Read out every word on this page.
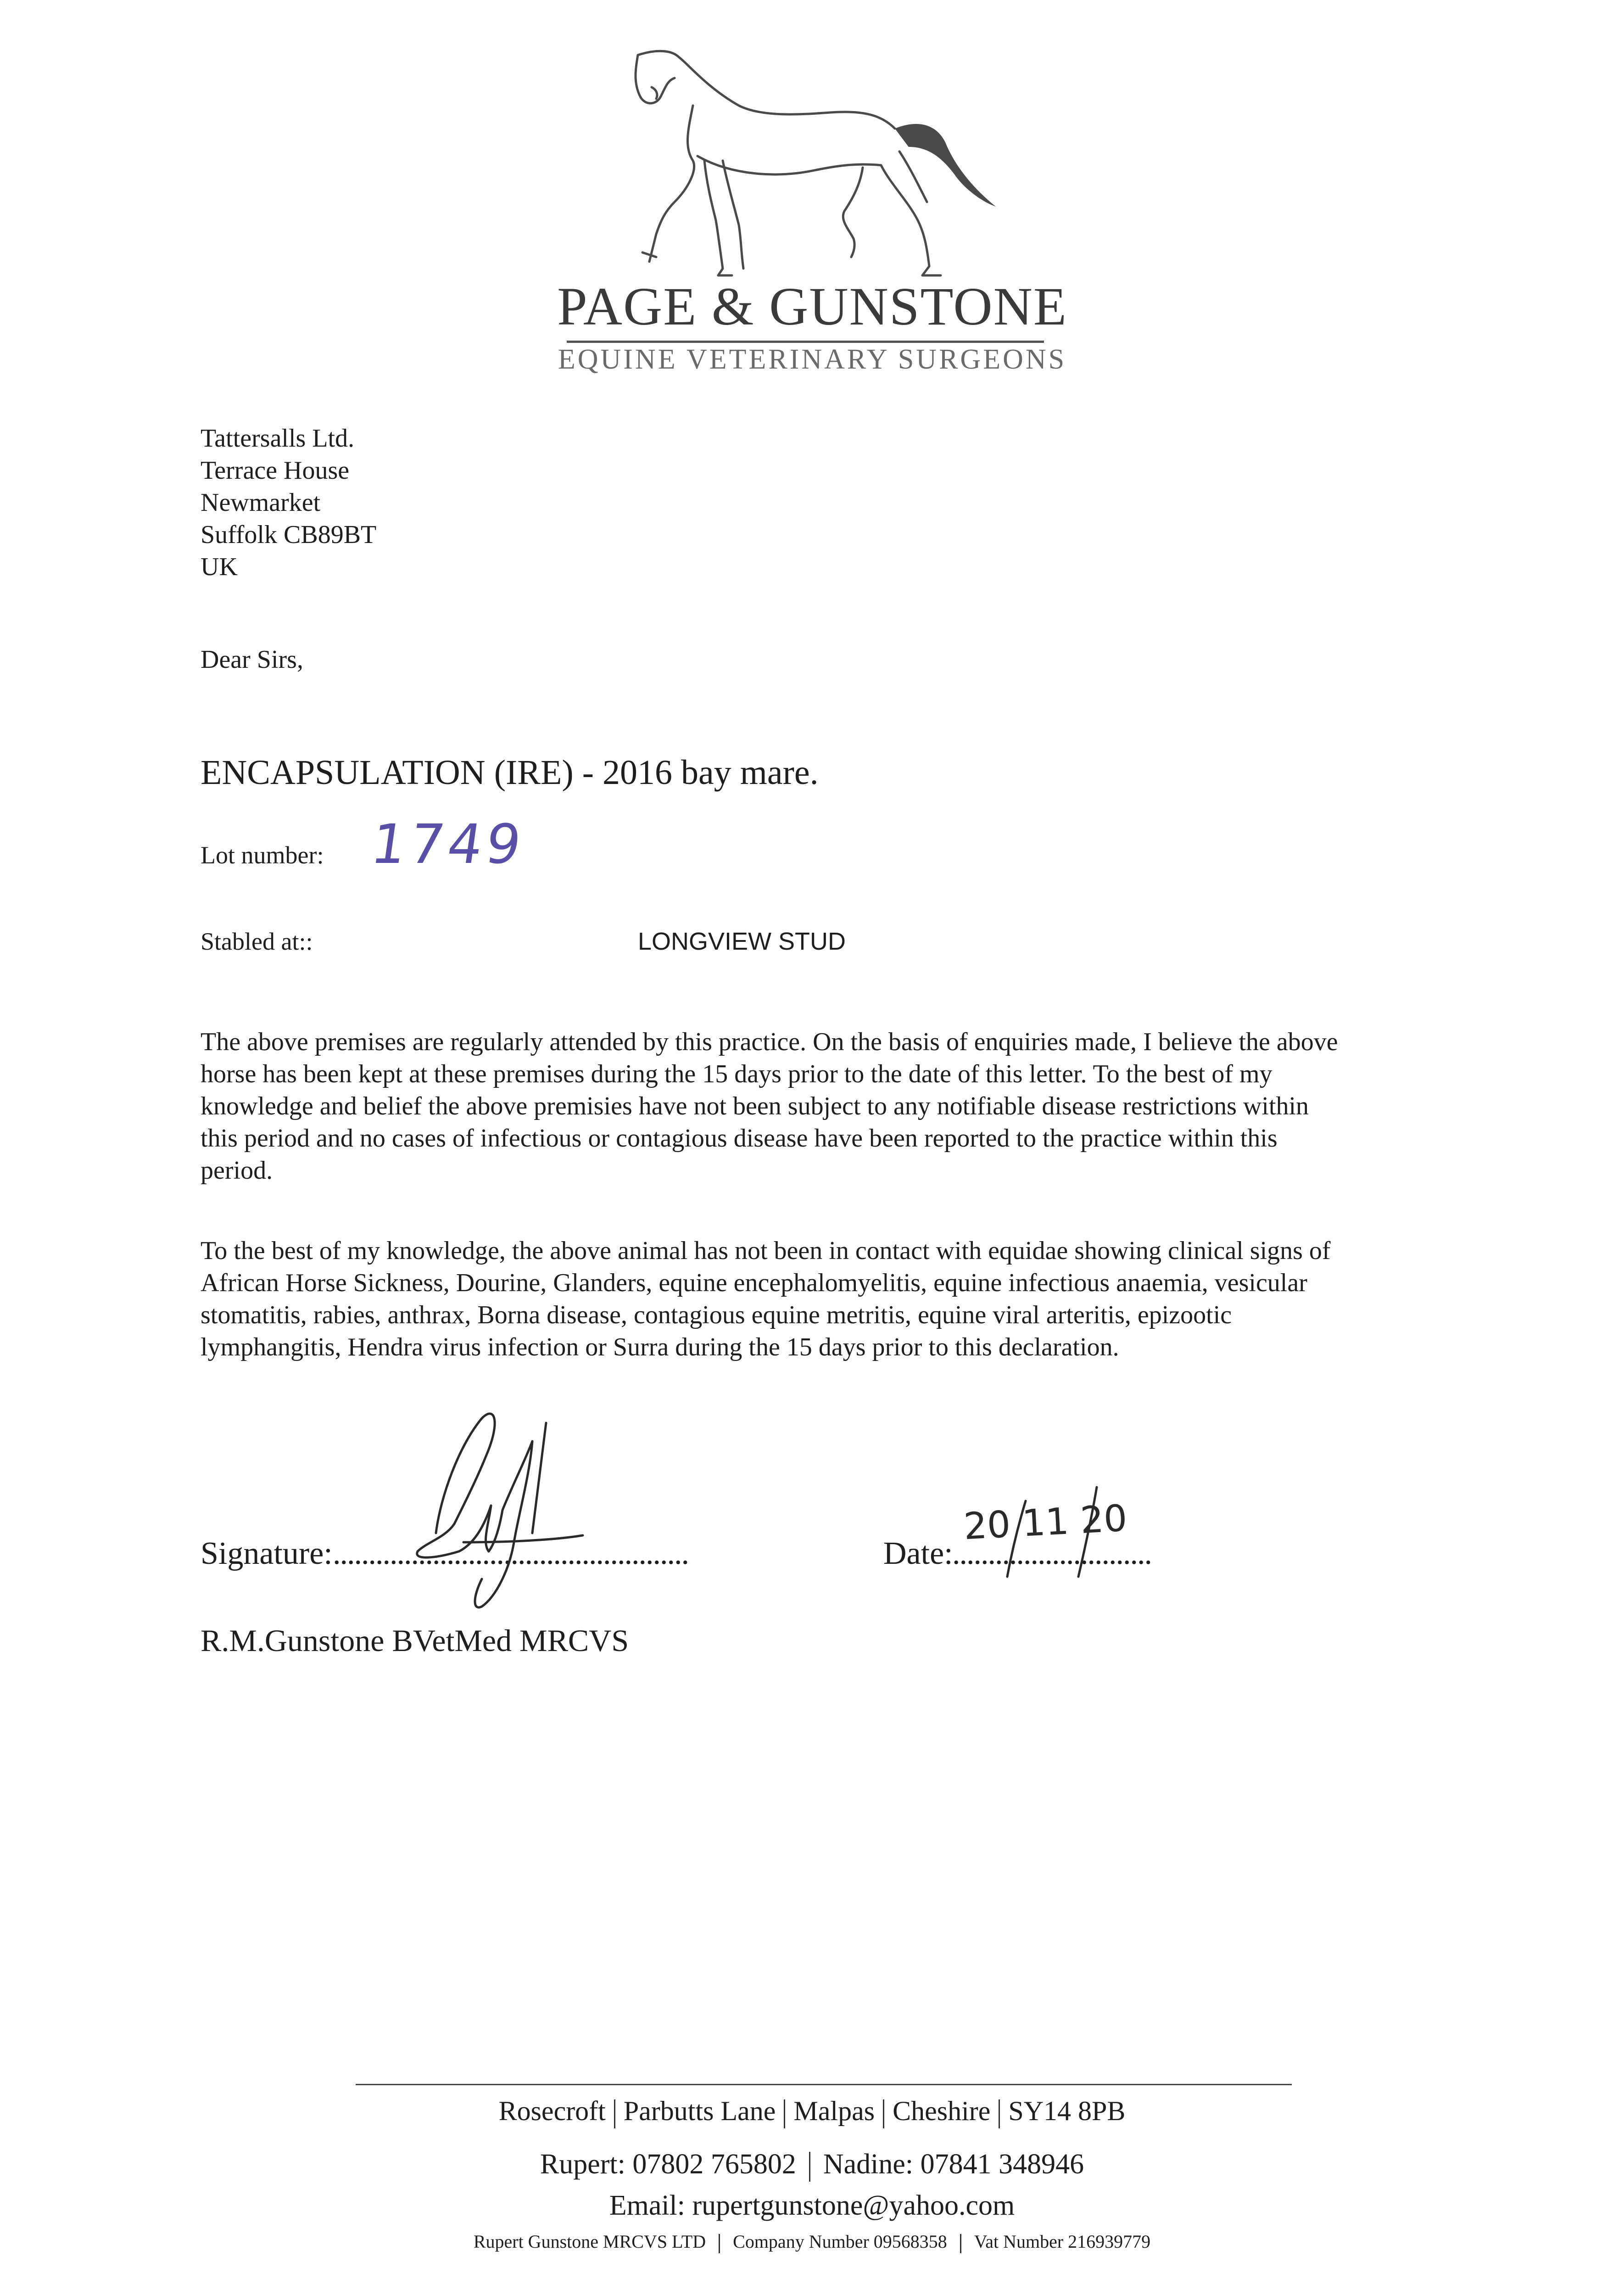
PAGE & GUNSTONE
EQUINE VETERINARY SURGEONS
Tattersalls Ltd.
Terrace House
Newmarket
Suffolk CB89BT
UK
Dear Sirs,
ENCAPSULATION (IRE) - 2016 bay mare.
Lot number: 1749
Stabled at::	LONGVIEW STUD
The above premises are regularly attended by this practice. On the basis of enquiries made, I believe the above horse has been kept at these premises during the 15 days prior to the date of this letter. To the best of my knowledge and belief the above premisies have not been subject to any notifiable disease restrictions within this period and no cases of infectious or contagious disease have been reported to the practice within this period.
To the best of my knowledge, the above animal has not been in contact with equidae showing clinical signs of African Horse Sickness, Dourine, Glanders, equine encephalomyelitis, equine infectious anaemia, vesicular stomatitis, rabies, anthrax, Borna disease, contagious equine metritis, equine viral arteritis, epizootic lymphangitis, Hendra virus infection or Surra during the 15 days prior to this declaration.
Signature: ..................................................	Date:
............................
20 11 20
R.M.Gunstone BVetMed MRCVS
Rosecroft Parbutts Lane Malpas Cheshire SY14 8PB
Rupert: 07802 765802 Nadine: 07841 348946
Email: rupertgunstone@yahoo.com
Rupert Gunstone MRCVS LTD Company Number 09568358 Vat Number 216939779
